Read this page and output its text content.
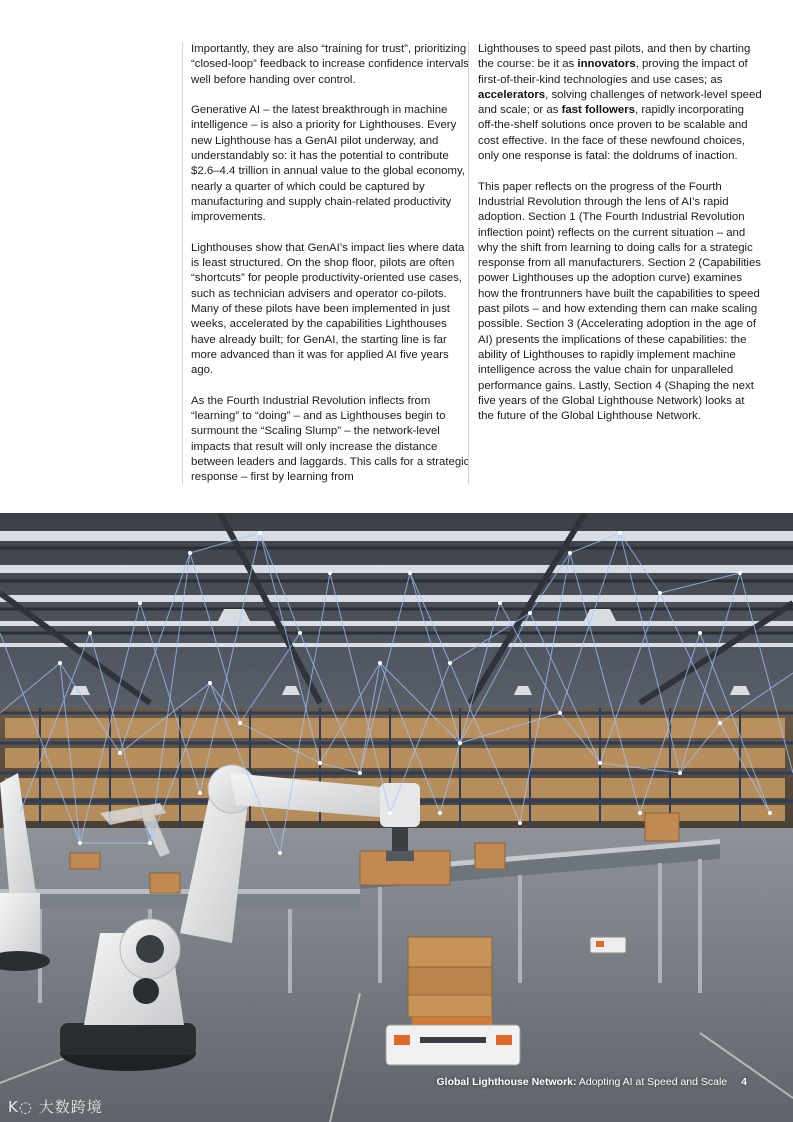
Importantly, they are also “training for trust”, prioritizing “closed-loop” feedback to increase confidence intervals well before handing over control.

Generative AI – the latest breakthrough in machine intelligence – is also a priority for Lighthouses. Every new Lighthouse has a GenAI pilot underway, and understandably so: it has the potential to contribute $2.6–4.4 trillion in annual value to the global economy, nearly a quarter of which could be captured by manufacturing and supply chain-related productivity improvements.

Lighthouses show that GenAI’s impact lies where data is least structured. On the shop floor, pilots are often “shortcuts” for people productivity-oriented use cases, such as technician advisers and operator co-pilots. Many of these pilots have been implemented in just weeks, accelerated by the capabilities Lighthouses have already built; for GenAI, the starting line is far more advanced than it was for applied AI five years ago.

As the Fourth Industrial Revolution inflects from “learning” to “doing” – and as Lighthouses begin to surmount the “Scaling Slump” – the network-level impacts that result will only increase the distance between leaders and laggards. This calls for a strategic response – first by learning from

Lighthouses to speed past pilots, and then by charting the course: be it as innovators, proving the impact of first-of-their-kind technologies and use cases; as accelerators, solving challenges of network-level speed and scale; or as fast followers, rapidly incorporating off-the-shelf solutions once proven to be scalable and cost effective. In the face of these newfound choices, only one response is fatal: the doldrums of inaction.

This paper reflects on the progress of the Fourth Industrial Revolution through the lens of AI’s rapid adoption. Section 1 (The Fourth Industrial Revolution inflection point) reflects on the current situation – and why the shift from learning to doing calls for a strategic response from all manufacturers. Section 2 (Capabilities power Lighthouses up the adoption curve) examines how the frontrunners have built the capabilities to speed past pilots – and how extending them can make scaling possible. Section 3 (Accelerating adoption in the age of AI) presents the implications of these capabilities: the ability of Lighthouses to rapidly implement machine intelligence across the value chain for unparalleled performance gains. Lastly, Section 4 (Shaping the next five years of the Global Lighthouse Network) looks at the future of the Global Lighthouse Network.

Global Lighthouse Network: Adopting AI at Speed and Scale 4
K◌ 大数跨境
